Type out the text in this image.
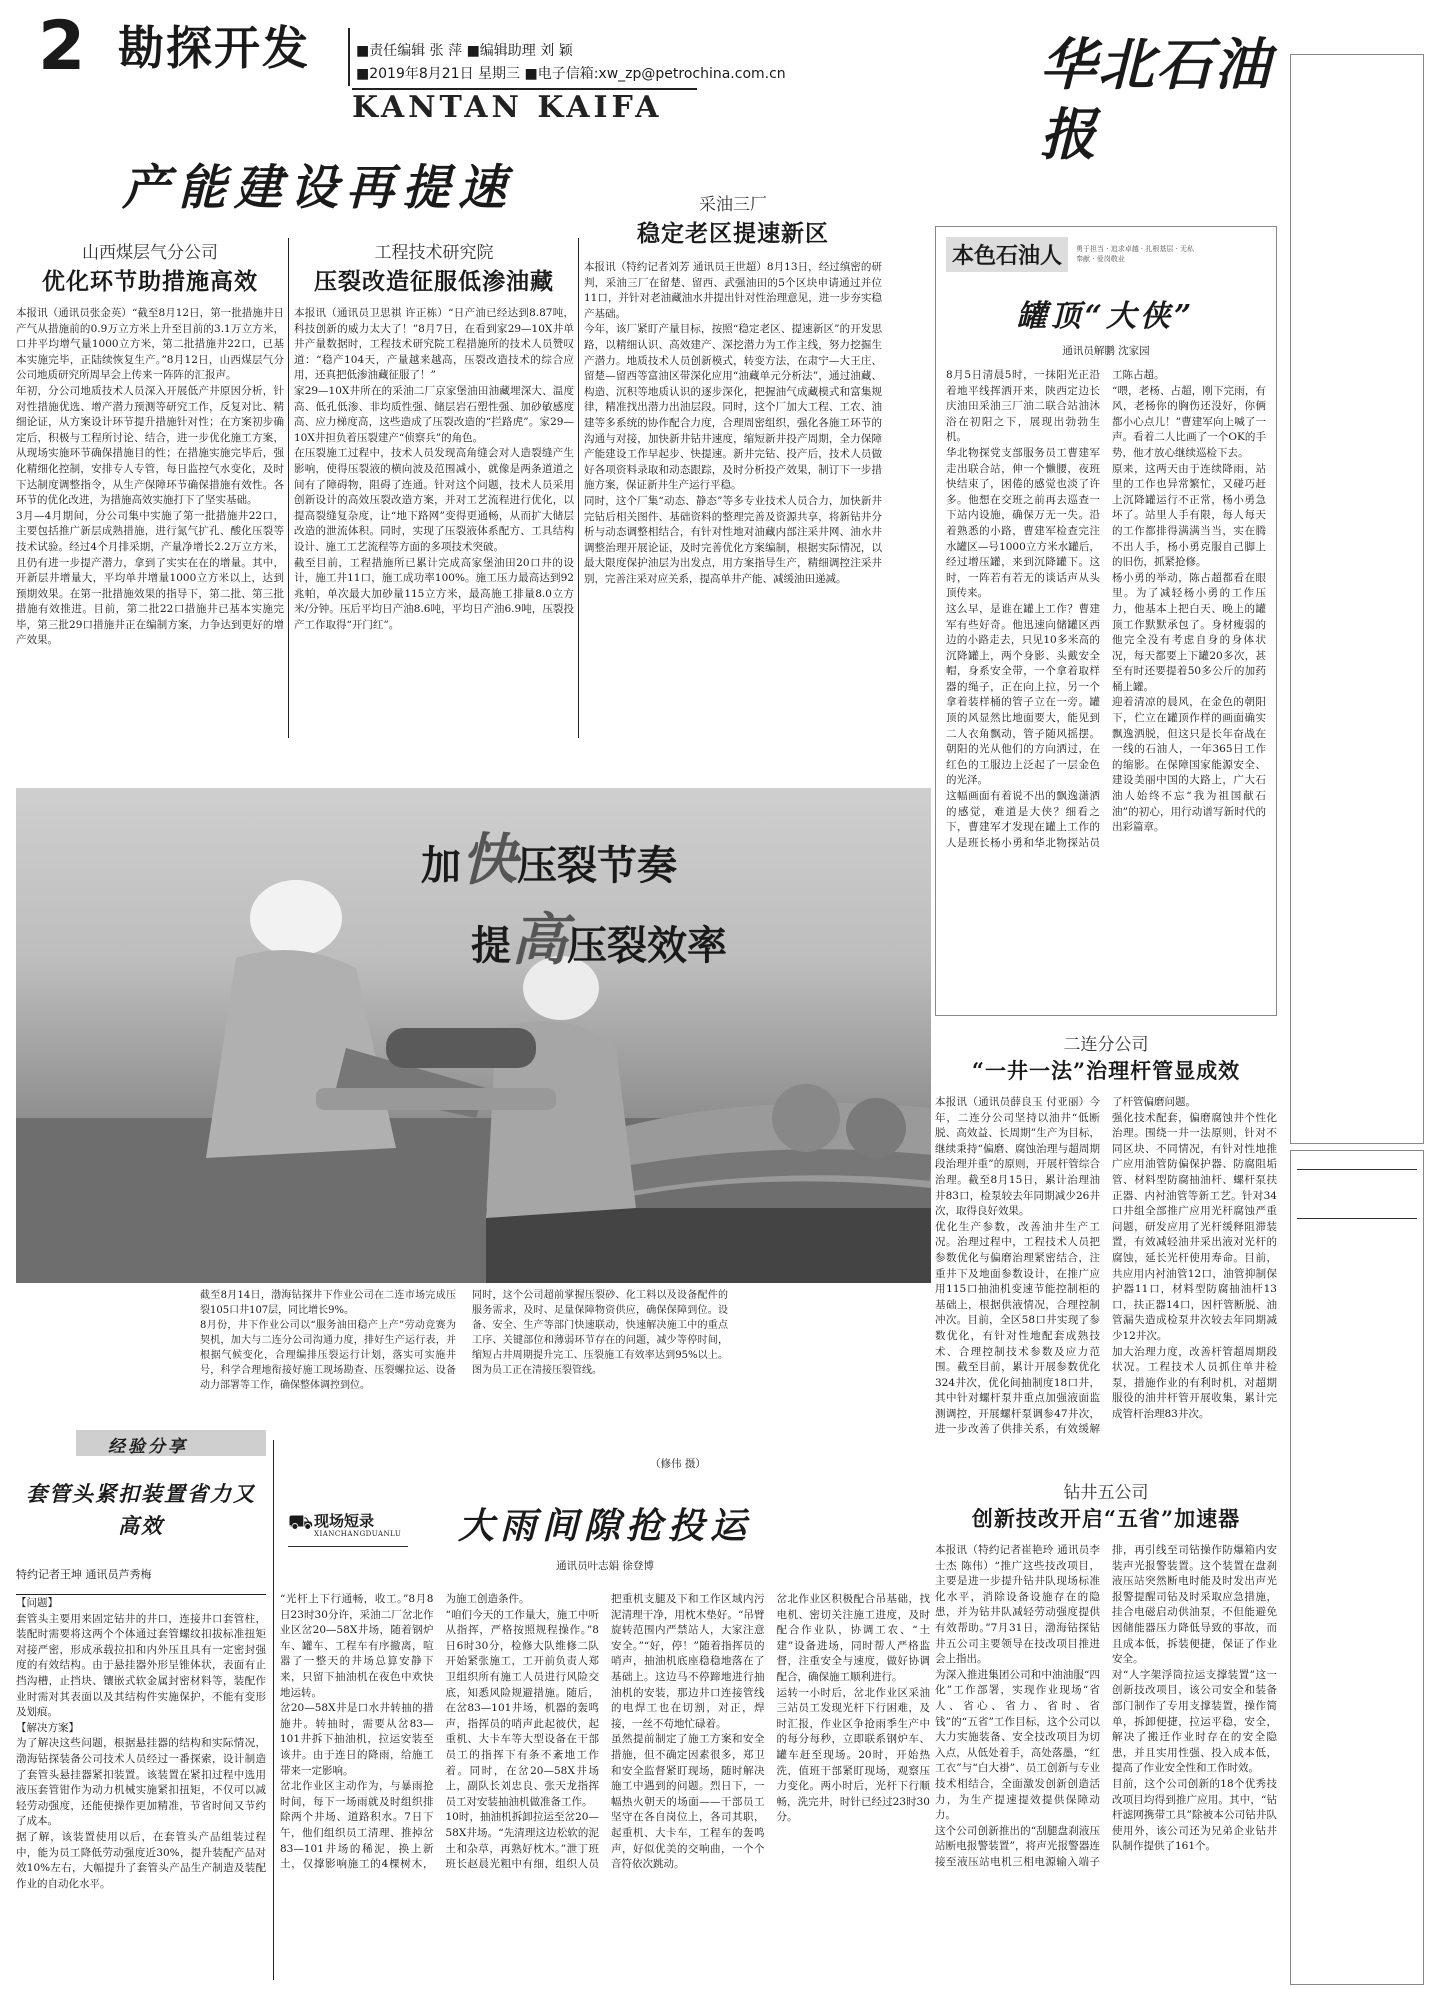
2 勘探开发	■责任编辑 张 萍 ■编辑助理 刘 颖
■2019年8月21日 星期三 ■电子信箱:xw_zp@petrochina.com.cn
KANTAN KAIFA
华北石油报
产能建设再提速
山西煤层气分公司
优化环节助措施高效
本报讯（通讯员张金英）“截至8月12日，第一批措施井日产气从措施前的0.9万立方米上升至目前的3.1万立方米，口井平均增气量1000立方米，第二批措施井22口，已基本实施完毕，正陆续恢复生产。”8月12日，山西煤层气分公司地质研究所周早会上传来一阵阵的汇报声。
年初，分公司地质技术人员深入开展低产井原因分析，针对性措施优选、增产潜力预测等研究工作，反复对比、精细论证，从方案设计环节提升措施针对性；在方案初步确定后，积极与工程所讨论、结合，进一步优化施工方案，从现场实施环节确保措施目的性；在措施实施完毕后，强化精细化控制，安排专人专管，每日监控气水变化，及时下达制度调整指令，从生产保障环节确保措施有效性。各环节的优化改进，为措施高效实施打下了坚实基础。
3月—4月期间，分公司集中实施了第一批措施井22口，主要包括推广新层成熟措施，进行氮气扩孔、酸化压裂等技术试验。经过4个月排采期，产量净增长2.2万立方米，且仍有进一步提产潜力，拿到了实实在在的增量。其中，开新层井增量大，平均单井增量1000立方米以上，达到预期效果。在第一批措施效果的指导下，第二批、第三批措施有效推进。目前，第二批22口措施井已基本实施完毕，第三批29口措施井正在编制方案，力争达到更好的增产效果。
工程技术研究院
压裂改造征服低渗油藏
本报讯（通讯员卫思祺 许正栋）“日产油已经达到8.87吨，科技创新的威力太大了！”8月7日，在看到家29—10X井单井产量数据时，工程技术研究院工程措施所的技术人员赞叹道：“稳产104天，产量越来越高，压裂改造技术的综合应用，还真把低渗油藏征服了！”
家29—10X井所在的采油二厂京家堡油田油藏埋深大、温度高、低孔低渗、非均质性强、储层岩石塑性强、加砂敏感度高、应力梯度高，这些造成了压裂改造的“拦路虎”。家29—10X井担负着压裂建产“侦察兵”的角色。
在压裂施工过程中，技术人员发现高角缝会对人造裂缝产生影响，使得压裂液的横向波及范围减小，就像是两条道道之间有了障碍物，阻碍了连通。针对这个问题，技术人员采用创新设计的高效压裂改造方案，并对工艺流程进行优化，以提高裂缝复杂度，让“地下路网”变得更通畅，从而扩大储层改造的泄流体积。同时，实现了压裂液体系配方、工具结构设计、施工工艺流程等方面的多项技术突破。
截至目前，工程措施所已累计完成高家堡油田20口井的设计，施工井11口，施工成功率100%。施工压力最高达到92兆帕，单次最大加砂量115立方米，最高施工排量8.0立方米/分钟。压后平均日产油8.6吨，平均日产油6.9吨，压裂投产工作取得“开门红”。
采油三厂
稳定老区提速新区
本报讯（特约记者刘芳 通讯员王世超）8月13日，经过缜密的研判，采油三厂在留楚、留西、武强油田的5个区块申请通过并位11口，并针对老油藏油水井提出针对性治理意见，进一步夯实稳产基础。
今年，该厂紧盯产量目标，按照“稳定老区、提速新区”的开发思路，以精细认识、高效建产、深挖潜力为工作主线，努力挖掘生产潜力。地质技术人员创新模式，转变方法，在肃宁—大王庄、留楚—留西等富油区带深化应用“油藏单元分析法”，通过油藏、构造、沉积等地质认识的逐步深化，把握油气成藏模式和富集规律，精准找出潜力出油层段。同时，这个厂加大工程、工农、油建等多系统的协作配合力度，合理周密组织，强化各施工环节的沟通与对接，加快新井钻井速度，缩短新井投产周期，全力保障产能建设工作早起步、快提速。新井完钻、投产后，技术人员做好各项资料录取和动态跟踪，及时分析投产效果，制订下一步措施方案，保证新井生产运行平稳。
同时，这个厂集“动态、静态”等多专业技术人员合力，加快新井完钻后相关图件、基础资料的整理完善及资源共享，将新钻井分析与动态调整相结合，有针对性地对油藏内部注采井网、油水井调整治理开展论证，及时完善优化方案编制，根据实际情况，以最大限度保护油层为出发点，用方案指导生产，精细调控注采井别，完善注采对应关系，提高单井产能、减缓油田递减。
本色石油人	勇于担当 · 追求卓越 · 扎根基层 · 无私奉献 · 爱岗敬业
罐顶“大侠”
通讯员解鹏 沈家园
8月5日清晨5时，一抹阳光正沿着地平线挥洒开来，陕西定边长庆油田采油三厂油二联合站油沐浴在初阳之下，展现出勃勃生机。
华北物探党支部服务员工曹建军走出联合站，伸一个懒腰，夜班快结束了，困倦的感觉也淡了许多。他想在交班之前再去巡查一下站内设施，确保万无一失。沿着熟悉的小路，曹建军检查完注水罐区—号1000立方米水罐后，经过增压罐，来到沉降罐下。这时，一阵若有若无的谈话声从头顶传来。
这么早，是谁在罐上工作？曹建军有些好奇。他迅速向储罐区西边的小路走去，只见10多米高的沉降罐上，两个身影、头戴安全帽，身系安全带，一个拿着取样器的绳子，正在向上拉，另一个拿着装样桶的管子立在一旁。罐顶的风显然比地面要大，能见到二人衣角飘动，管子随风摇摆。朝阳的光从他们的方向洒过，在红色的工服边上泛起了一层金色的光泽。
这幅画面有着说不出的飘逸潇洒的感觉，难道是大侠？细看之下，曹建军才发现在罐上工作的人是班长杨小勇和华北物探站员工陈占超。
“喂，老杨、占超，刚下完雨，有风，老杨你的胸伤还没好，你俩都小心点儿！”曹建军向上喊了一声。看着二人比画了一个OK的手势，他才放心继续巡检下去。
原来，这两天由于连续降雨，站里的工作也异常繁忙，又碰巧赶上沉降罐运行不正常，杨小勇急坏了。站里人手有限，每人每天的工作都排得满满当当，实在腾不出人手，杨小勇克服自己脚上的旧伤，抓紧抢修。
杨小勇的举动，陈占超都看在眼里。为了减轻杨小勇的工作压力，他基本上把白天、晚上的罐顶工作默默承包了。身材瘦弱的他完全没有考虑自身的身体状况，每天都要上下罐20多次，甚至有时还要提着50多公斤的加药桶上罐。
迎着清凉的晨风，在金色的朝阳下，伫立在罐顶作样的画面确实飘逸洒脱，但这只是长年奋战在一线的石油人，一年365日工作的缩影。在保障国家能源安全、建设美丽中国的大路上，广大石油人始终不忘“我为祖国献石油”的初心，用行动谱写新时代的出彩篇章。
加快压裂节奏
提高压裂效率
截至8月14日，渤海钻探井下作业公司在二连市场完成压裂105口井107层，同比增长9%。
8月份，井下作业公司以“服务油田稳产上产”劳动竞赛为契机，加大与二连分公司沟通力度，排好生产运行表，并根据气候变化，合理编排压裂运行计划，落实可实施井号，科学合理地衔接好施工现场勘查、压裂螺拉运、设备动力部署等工作，确保整体调控到位。
同时，这个公司超前掌握压裂砂、化工料以及设备配件的服务需求，及时、足量保障物资供应，确保保障到位。设备、安全、生产等部门快速联动，快速解决施工中的重点工序、关键部位和薄弱环节存在的问题，减少等停时间，缩短占井周期提升完工、压裂施工有效率达到95%以上。图为员工正在清接压裂管线。
（修伟 摄）
二连分公司
“一井一法”治理杆管显成效
本报讯（通讯员薛良玉 付亚丽）今年，二连分公司坚持以油井“低断脱、高效益、长周期”生产为目标，继续秉持“偏磨、腐蚀治理与超周期段治理并重”的原则，开展杆管综合治理。截至8月15日，累计治理油井83口，检泵较去年同期减少26井次，取得良好效果。
优化生产参数，改善油井生产工况。治理过程中，工程技术人员把参数优化与偏磨治理紧密结合，注重井下及地面参数设计，在推广应用115口抽油机变速节能控制柜的基础上，根据供液情况，合理控制冲次。目前，全区58口井实现了参数优化，有针对性地配套成熟技术、合理控制技术参数及应力范围。截至目前，累计开展参数优化324井次，优化间抽制度18口井，其中针对螺杆泵井重点加强液面监测调控，开展螺杆泵调参47井次，进一步改善了供排关系，有效缓解了杆管偏磨问题。
强化技术配套，偏磨腐蚀井个性化治理。围绕一井一法原则，针对不同区块、不同情况，有针对性地推广应用油管防偏保护器、防腐阻垢管、材料型防腐抽油杆、螺杆泵扶正器、内衬油管等新工艺。针对34口井组全部推广应用光杆腐蚀严重问题，研发应用了光杆缓释阻滞装置，有效减轻油井采出液对光杆的腐蚀，延长光杆使用寿命。目前，共应用内衬油管12口，油管抑制保护器11口，材料型防腐抽油杆13口，扶正器14口，因杆管断脱、油管漏失造成检泵井次较去年同期减少12井次。
加大治理力度，改善杆管超周期段状况。工程技术人员抓住单井检泵，措施作业的有利时机，对超期服役的油井杆管开展收集，累计完成管杆治理83井次。
钻井五公司
创新技改开启“五省”加速器
本报讯（特约记者崔艳玲 通讯员李士杰 陈伟）“推广这些技改项目，主要是进一步提升钻井队现场标准化水平，消除设备设施存在的隐患，并为钻井队减轻劳动强度提供有效帮助。”7月31日，渤海钻探钻井五公司主要领导在技改项目推进会上指出。
为深入推进集团公司和中油油服“四化”工作部署，实现作业现场“省人、省心、省力、省时、省钱”的“五省”工作目标，这个公司以大力实施装备、安全技改项目为切入点，从低处着手，高处落墨，“红工衣”与“白大褂”、员工创新与专业技术相结合，全面激发创新创造活力，为生产提速提效提供保障动力。
这个公司创新推出的“刮腿盘刹液压站断电报警装置”，将声光报警器连接至液压站电机三相电源输入端子排，再引线至司钻操作防爆箱内安装声光报警装置。这个装置在盘刹液压站突然断电时能及时发出声光报警提醒司钻及时采取应急措施，挂合电磁启动供油泵，不但能避免因储能器压力降低导致的事故，而且成本低，拆装便捷，保证了作业安全。
对“人字架浮筒拉运支撑装置”这一创新技改项目，该公司安全和装备部门制作了专用支撑装置，操作简单，拆卸便捷，拉运平稳，安全，解决了搬迁作业时存在的安全隐患，并且实用性强、投入成本低，提高了作业安全性和工作时效。
目前，这个公司创新的18个优秀技改项目均得到推广应用。其中，“钻杆滤网携带工具”除被本公司钻井队使用外，该公司还为兄弟企业钻井队制作提供了161个。
经验分享
套管头紧扣装置省力又高效
特约记者王坤 通讯员芦秀梅
【问题】
套管头主要用来固定钻井的井口，连接井口套管柱，装配时需要将这两个个体通过套管螺纹扣拔标准扭矩对接严密，形成承载拉扣和内外压且具有一定密封强度的有效结构。由于悬挂器外形呈锥体状，表面有止挡沟槽，止挡块、镶嵌式软金属封密材料等，装配作业时需对其表面以及其结构件实施保护，不能有变形及划痕。
【解决方案】
为了解决这些问题，根据悬挂器的结构和实际情况，渤海钻探装备公司技术人员经过一番探索，设计制造了套管头悬挂器紧扣装置。该装置在紧扣过程中选用液压套管钳作为动力机械实施紧扣扭矩，不仅可以减轻劳动强度，还能使操作更加精准，节省时间又节约了成本。
据了解，该装置使用以后，在套管头产品组装过程中，能为员工降低劳动强度近30%，提升装配产品对效10%左右，大幅提升了套管头产品生产制造及装配作业的自动化水平。
⛟ 现场短录
XIANCHANGDUANLU	大雨间隙抢投运
通讯员叶志娟 徐登博
“光杆上下行通畅，收工。”8月8日23时30分许，采油二厂岔北作业区岔20—58X井场，随着钢炉车、罐车、工程车有序撤离，喧嚣了一整天的井场总算安静下来，只留下抽油机在夜色中欢快地运转。
岔20—58X井是口水井转抽的措施井。转抽时，需要从岔83—101井拆下抽油机，拉运安装至该井。由于连日的降雨，给施工带来一定影响。
岔北作业区主动作为，与暴雨抢时间，每下一场雨就及时组织排除两个井场、道路积水。7日下午，他们组织员工清理、推掉岔83—101井场的稀泥，换上新土，仅撑影响施工的4棵树木，为施工创造条件。
“咱们今天的工作量大，施工中听从指挥，严格按照规程操作。”8日6时30分，检修大队维修二队开始紧张施工，工开前负责人郑卫组织所有施工人员进行风险交底，知悉风险规避措施。随后，在岔83—101井场，机器的轰鸣声，指挥员的哨声此起彼伏，起重机、大卡车等大型设备在干部员工的指挥下有条不紊地工作着。同时，在岔20—58X井场上，副队长刘忠良、张天龙指挥员工对安装抽油机做准备工作。
10时，抽油机拆卸拉运至岔20—58X井场。“先清理这边松软的泥土和杂草，再熟好枕木。”泄丁班班长赵晨光粗中有细，组织人员把重机支腿及下和工作区域内污泥清理干净，用枕木垫好。“吊臂旋转范围内严禁站人，大家注意安全。”“好，停！”随着指挥员的哨声，抽油机底座稳稳地落在了基础上。这边马不停蹄地进行抽油机的安装，那边井口连接管线的电焊工也在切割，对正，焊接，一丝不苟地忙碌着。
虽然提前制定了施工方案和安全措施，但不确定因素很多，郑卫和安全监督紧盯现场，随时解决施工中遇到的问题。烈日下，一幅热火朝天的场面——干部员工坚守在各自岗位上，各司其职，起重机、大卡车，工程车的轰鸣声，好似优美的交响曲，一个个音符依次跳动。
岔北作业区积极配合吊基础，找电机、密切关注施工进度，及时配合作业队，协调工农、“土建”设备进场，同时帮人严格监督，注重安全与速度，做好协调配合，确保施工顺利进行。
运转一小时后，岔北作业区采油三站员工发现光杆下行困难，及时汇报，作业区争抢雨季生产中的每分每秒，立即联系钢炉车、罐车赶至现场。20时，开始热洗，值班干部紧盯现场，观察压力变化。两小时后，光杆下行顺畅，洗完井，时针已经过23时30分。
